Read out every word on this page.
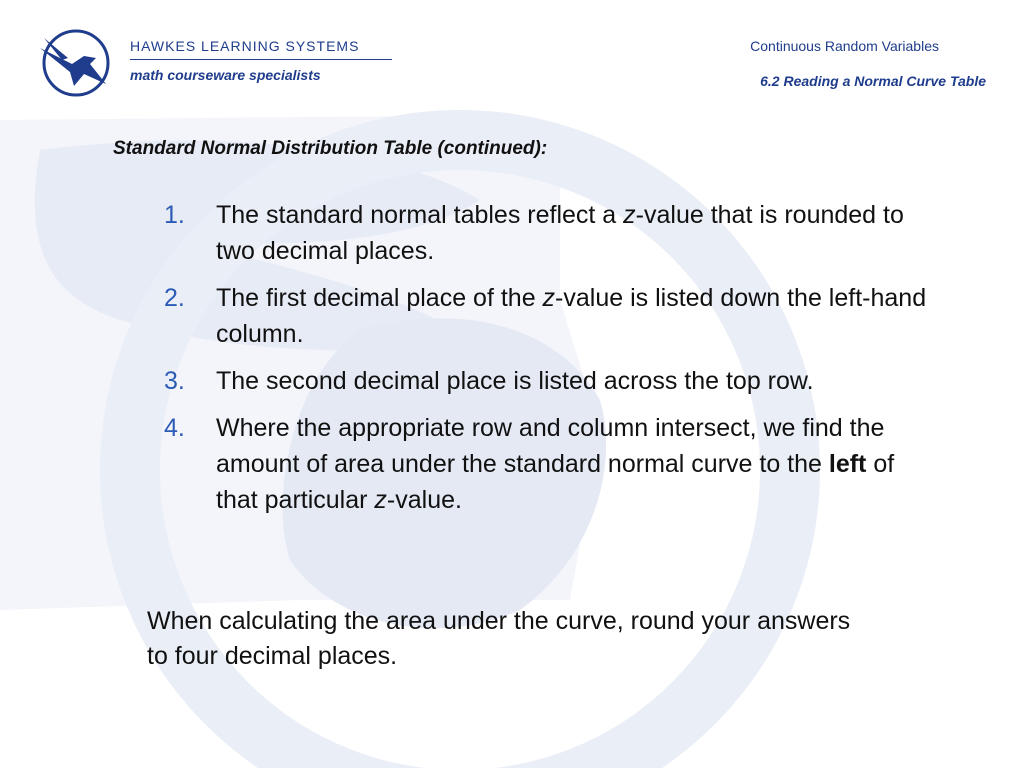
HAWKES LEARNING SYSTEMS
math courseware specialists
Continuous Random Variables
6.2 Reading a Normal Curve Table
Standard Normal Distribution Table (continued):
1. The standard normal tables reflect a z-value that is rounded to two decimal places.
2. The first decimal place of the z-value is listed down the left-hand column.
3. The second decimal place is listed across the top row.
4. Where the appropriate row and column intersect, we find the amount of area under the standard normal curve to the left of that particular z-value.
When calculating the area under the curve, round your answers to four decimal places.
